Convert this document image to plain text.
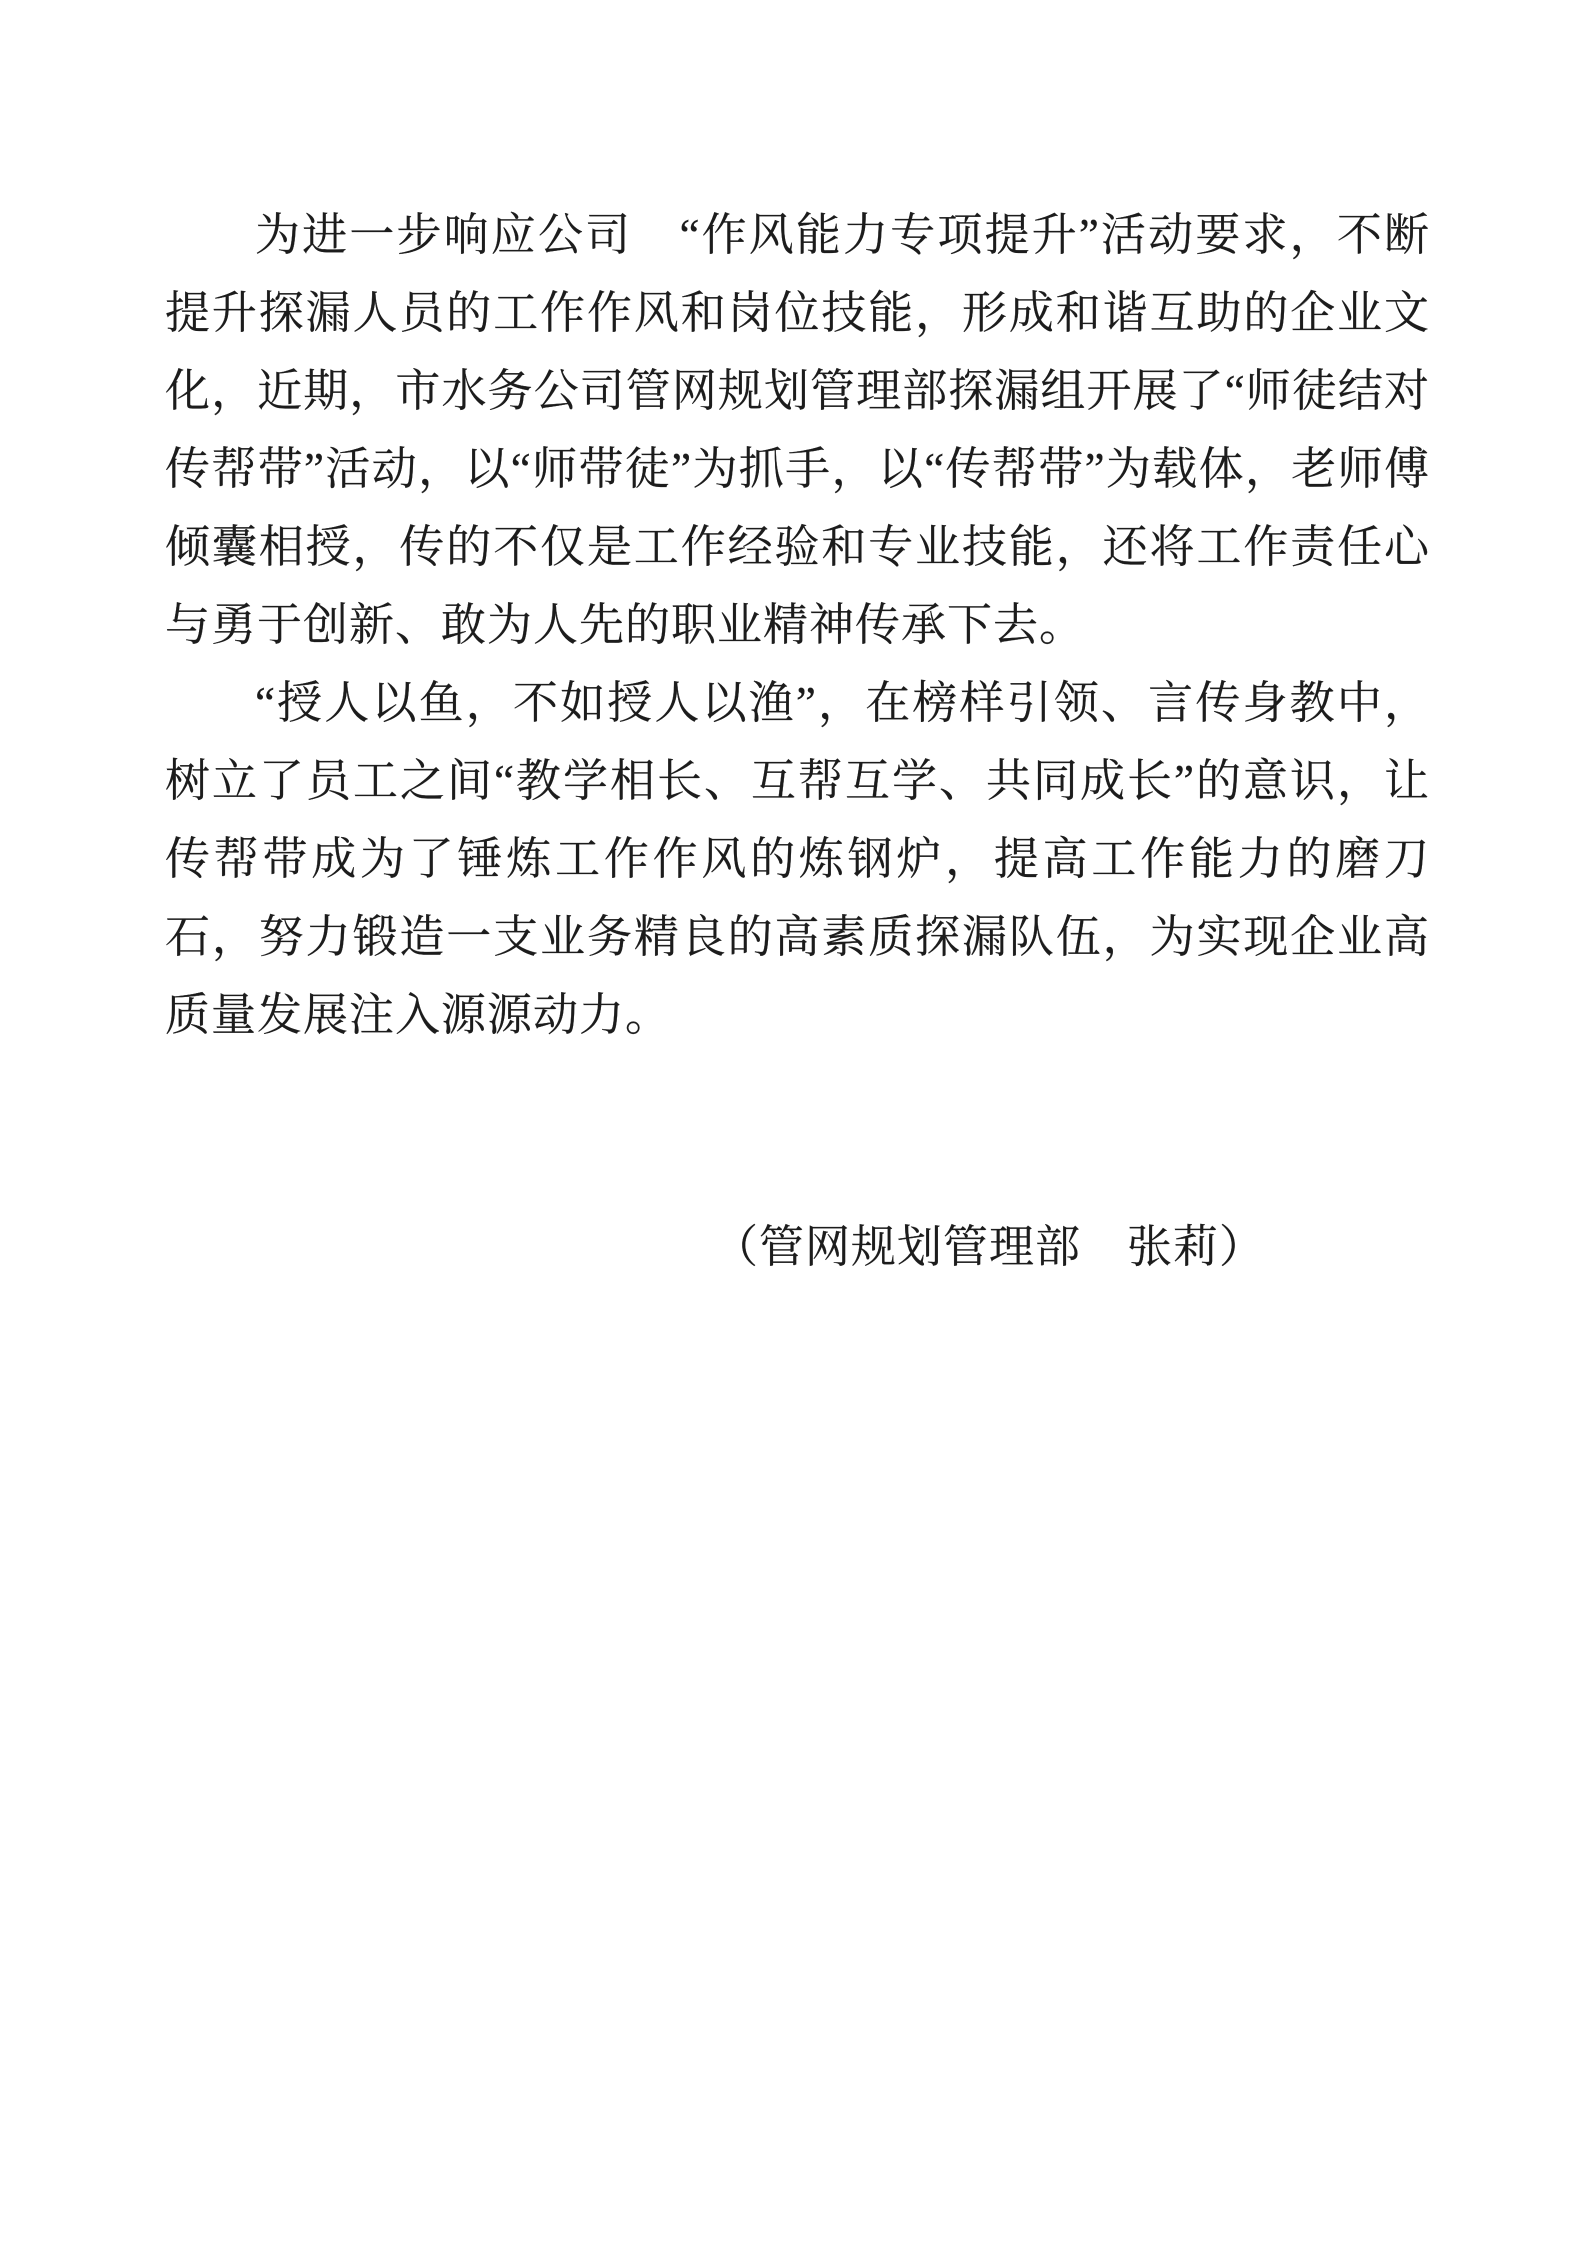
为进一步响应公司　“作风能力专项提升”活动要求，不断提升探漏人员的工作作风和岗位技能，形成和谐互助的企业文化，近期，市水务公司管网规划管理部探漏组开展了“师徒结对传帮带”活动，以“师带徒”为抓手，以“传帮带”为载体，老师傅倾囊相授，传的不仅是工作经验和专业技能，还将工作责任心与勇于创新、敢为人先的职业精神传承下去。

“授人以鱼，不如授人以渔”，在榜样引领、言传身教中，树立了员工之间“教学相长、互帮互学、共同成长”的意识，让传帮带成为了锤炼工作作风的炼钢炉，提高工作能力的磨刀石，努力锻造一支业务精良的高素质探漏队伍，为实现企业高质量发展注入源源动力。

（管网规划管理部　张莉）
